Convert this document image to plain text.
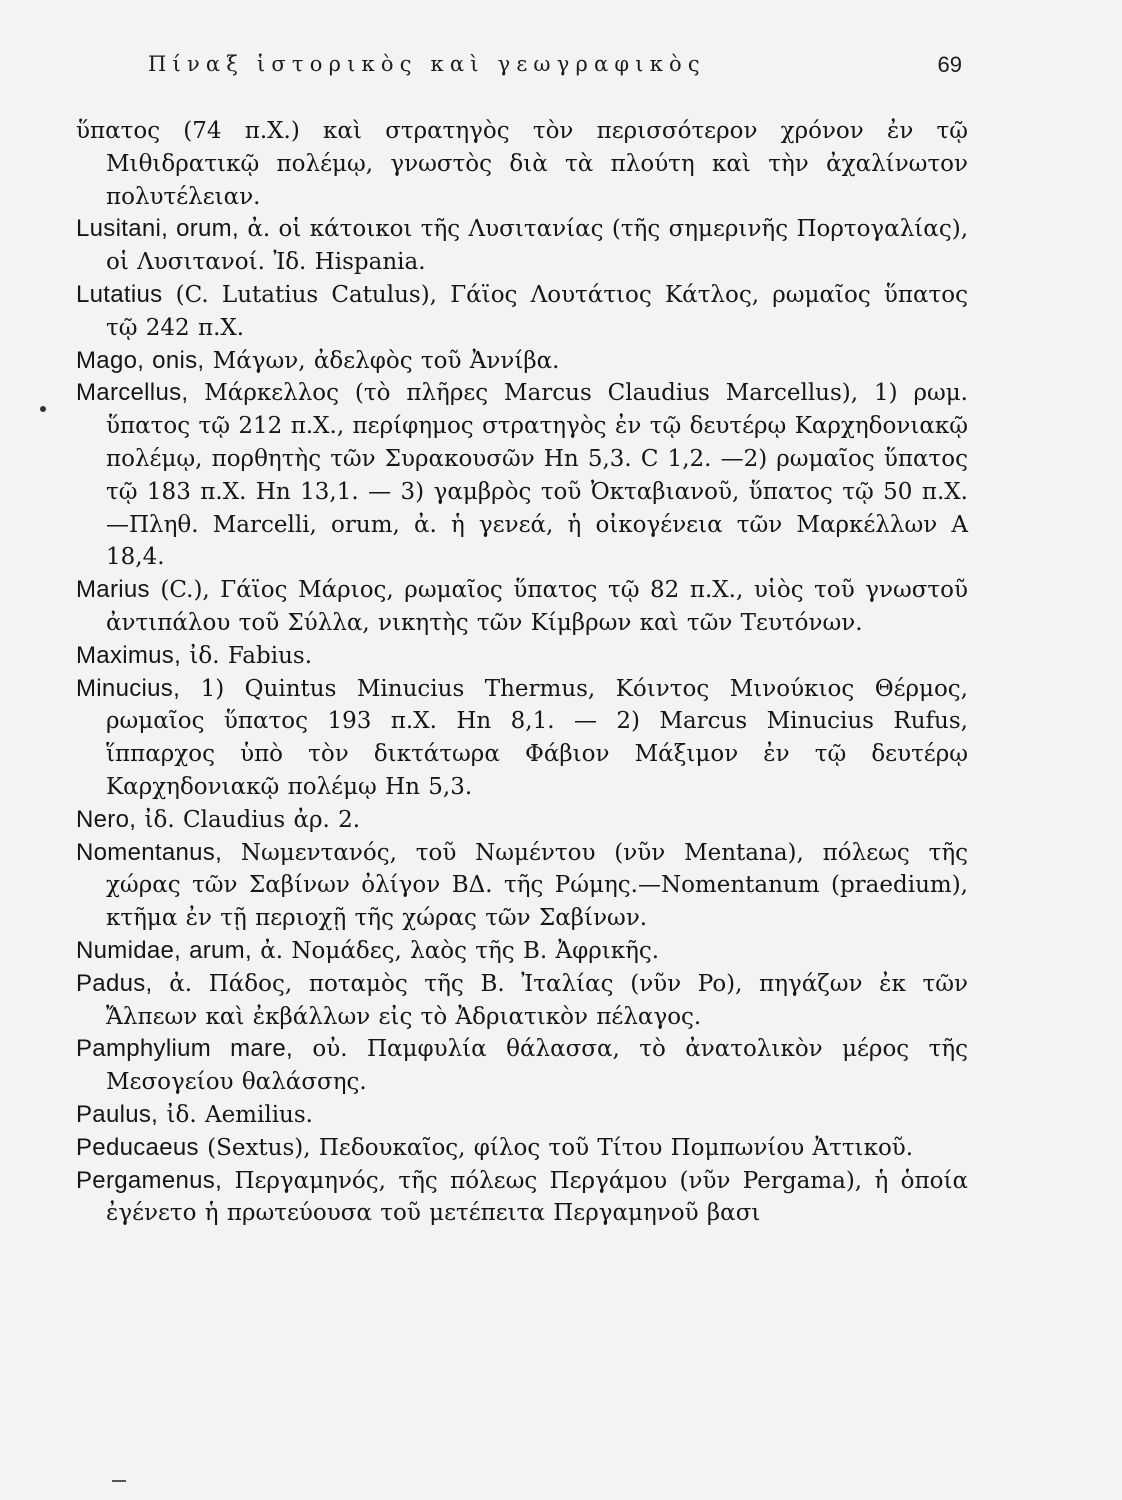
Πίναξ ἱστορικὸς καὶ γεωγραφικὸς	69

ὕπατος (74 π.Χ.) καὶ στρατηγὸς τὸν περισσότερον χρόνον ἐν τῷ Μιθιδρατικῷ πολέμῳ, γνωστὸς διὰ τὰ πλούτη καὶ τὴν ἀχαλίνωτον πολυτέλειαν.

Lusitani, orum, ἀ. οἱ κάτοικοι τῆς Λυσιτανίας (τῆς σημερινῆς Πορτογαλίας), οἱ Λυσιτανοί. Ἰδ. Hispania.

Lutatius (C. Lutatius Catulus), Γάϊος Λουτάτιος Κάτλος, ρωμαῖος ὕπατος τῷ 242 π.Χ.

Mago, onis, Μάγων, ἀδελφὸς τοῦ Ἀννίβα.

Marcellus, Μάρκελλος (τὸ πλῆρες Marcus Claudius Marcellus), 1) ρωμ. ὕπατος τῷ 212 π.Χ., περίφημος στρατηγὸς ἐν τῷ δευτέρῳ Καρχηδονιακῷ πολέμῳ, πορθητὴς τῶν Συρακουσῶν Hn 5,3. C 1,2. —2) ρωμαῖος ὕπατος τῷ 183 π.Χ. Hn 13,1. — 3) γαμβρὸς τοῦ Ὀκταβιανοῦ, ὕπατος τῷ 50 π.Χ.—Πληθ. Marcelli, orum, ἀ. ἡ γενεά, ἡ οἰκογένεια τῶν Μαρκέλλων A 18,4.

Marius (C.), Γάϊος Μάριος, ρωμαῖος ὕπατος τῷ 82 π.Χ., υἱὸς τοῦ γνωστοῦ ἀντιπάλου τοῦ Σύλλα, νικητὴς τῶν Κίμβρων καὶ τῶν Τευτόνων.

Maximus, ἰδ. Fabius.

Minucius, 1) Quintus Minucius Thermus, Κόιντος Μινούκιος Θέρμος, ρωμαῖος ὕπατος 193 π.Χ. Hn 8,1. — 2) Marcus Minucius Rufus, ἵππαρχος ὑπὸ τὸν δικτάτωρα Φάβιον Μάξιμον ἐν τῷ δευτέρῳ Καρχηδονιακῷ πολέμῳ Hn 5,3.

Nero, ἰδ. Claudius ἀρ. 2.

Nomentanus, Νωμεντανός, τοῦ Νωμέντου (νῦν Mentana), πόλεως τῆς χώρας τῶν Σαβίνων ὀλίγον ΒΔ. τῆς Ρώμης.—Nomentanum (praedium), κτῆμα ἐν τῇ περιοχῇ τῆς χώρας τῶν Σαβίνων.

Numidae, arum, ἀ. Νομάδες, λαὸς τῆς Β. Ἀφρικῆς.

Padus, ἀ. Πάδος, ποταμὸς τῆς Β. Ἰταλίας (νῦν Po), πηγάζων ἐκ τῶν Ἄλπεων καὶ ἐκβάλλων εἰς τὸ Ἀδριατικὸν πέλαγος.

Pamphylium mare, οὐ. Παμφυλία θάλασσα, τὸ ἀνατολικὸν μέρος τῆς Μεσογείου θαλάσσης.

Paulus, ἰδ. Aemilius.

Peducaeus (Sextus), Πεδουκαῖος, φίλος τοῦ Τίτου Πομπωνίου Ἀττικοῦ.

Pergamenus, Περγαμηνός, τῆς πόλεως Περγάμου (νῦν Pergama), ἡ ὁποία ἐγένετο ἡ πρωτεύουσα τοῦ μετέπειτα Περγαμηνοῦ βασι
